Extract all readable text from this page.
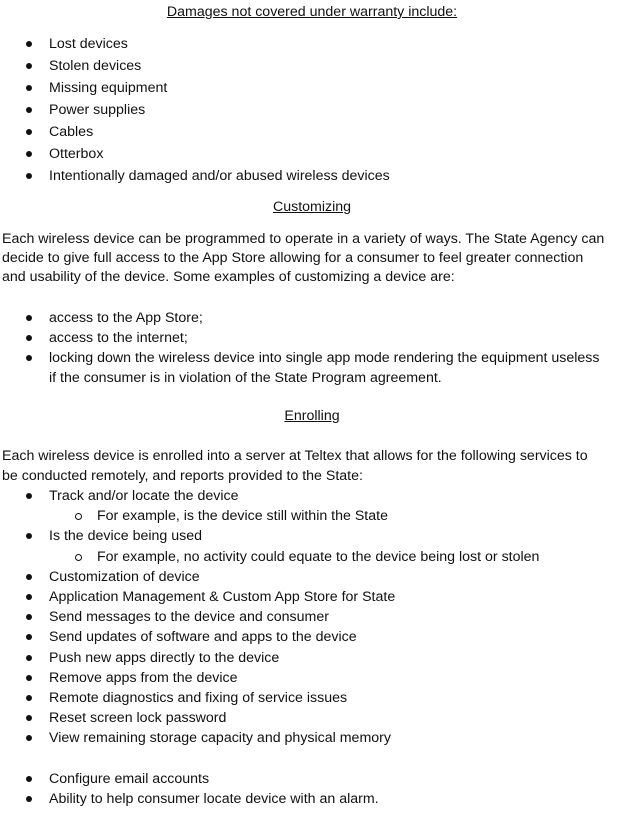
Damages not covered under warranty include:
Lost devices
Stolen devices
Missing equipment
Power supplies
Cables
Otterbox
Intentionally damaged and/or abused wireless devices
Customizing
Each wireless device can be programmed to operate in a variety of ways. The State Agency can
decide to give full access to the App Store allowing for a consumer to feel greater connection
and usability of the device. Some examples of customizing a device are:
access to the App Store;
access to the internet;
locking down the wireless device into single app mode rendering the equipment useless
if the consumer is in violation of the State Program agreement.
Enrolling
Each wireless device is enrolled into a server at Teltex that allows for the following services to
be conducted remotely, and reports provided to the State:
Track and/or locate the device
For example, is the device still within the State
Is the device being used
For example, no activity could equate to the device being lost or stolen
Customization of device
Application Management & Custom App Store for State
Send messages to the device and consumer
Send updates of software and apps to the device
Push new apps directly to the device
Remove apps from the device
Remote diagnostics and fixing of service issues
Reset screen lock password
View remaining storage capacity and physical memory
Configure email accounts
Ability to help consumer locate device with an alarm.
